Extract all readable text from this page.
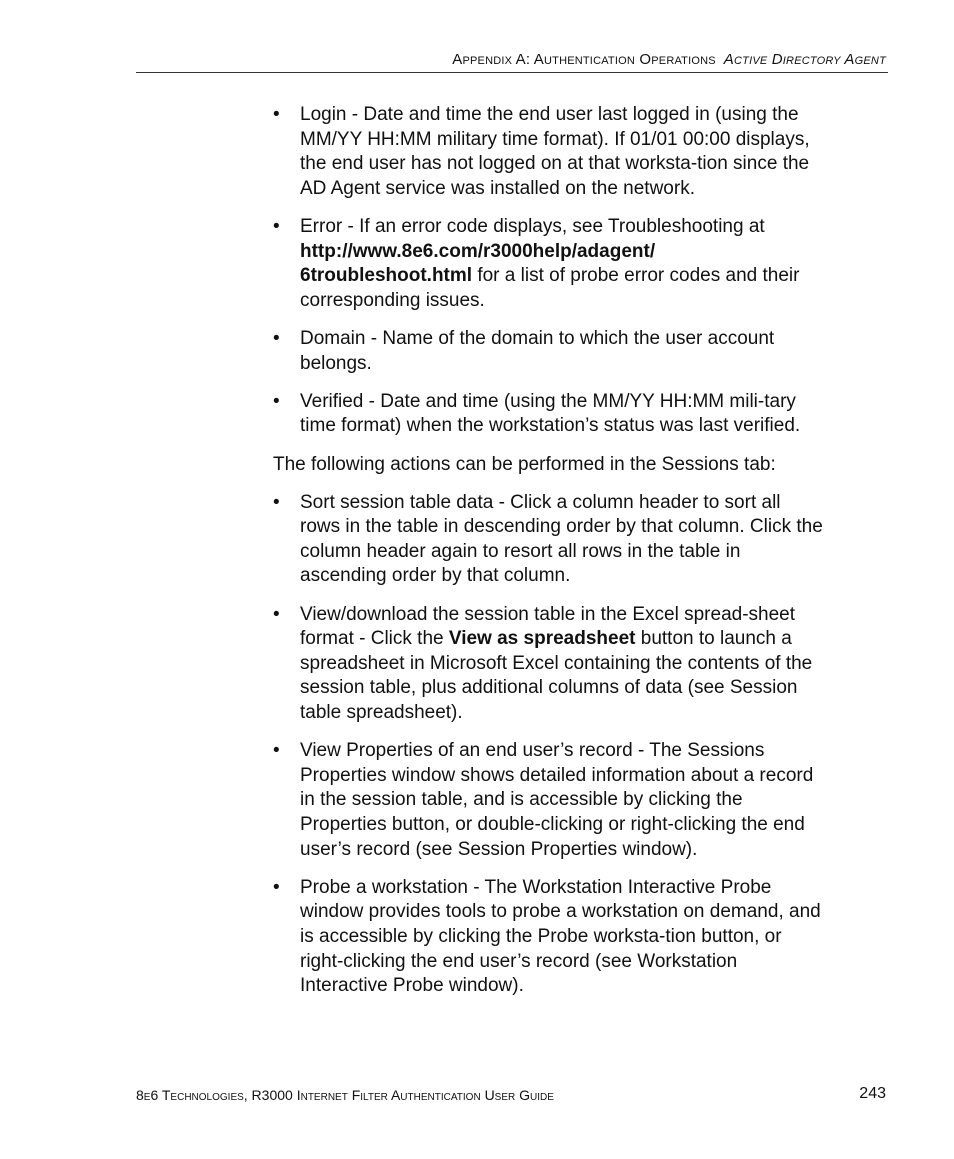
Appendix A: Authentication Operations Active Directory Agent
• Login - Date and time the end user last logged in (using the MM/YY HH:MM military time format). If 01/01 00:00 displays, the end user has not logged on at that worksta-tion since the AD Agent service was installed on the network.
• Error - If an error code displays, see Troubleshooting at http://www.8e6.com/r3000help/adagent/
6troubleshoot.html for a list of probe error codes and their corresponding issues.
• Domain - Name of the domain to which the user account belongs.
• Verified - Date and time (using the MM/YY HH:MM mili-tary time format) when the workstation’s status was last verified.

The following actions can be performed in the Sessions tab:

• Sort session table data - Click a column header to sort all rows in the table in descending order by that column. Click the column header again to resort all rows in the table in ascending order by that column.
• View/download the session table in the Excel spread-sheet format - Click the View as spreadsheet button to launch a spreadsheet in Microsoft Excel containing the contents of the session table, plus additional columns of data (see Session table spreadsheet).
• View Properties of an end user’s record - The Sessions Properties window shows detailed information about a record in the session table, and is accessible by clicking the Properties button, or double-clicking or right-clicking the end user’s record (see Session Properties window).
• Probe a workstation - The Workstation Interactive Probe window provides tools to probe a workstation on demand, and is accessible by clicking the Probe worksta-tion button, or right-clicking the end user’s record (see Workstation Interactive Probe window).
8e6 Technologies, R3000 Internet Filter Authentication User Guide	243
